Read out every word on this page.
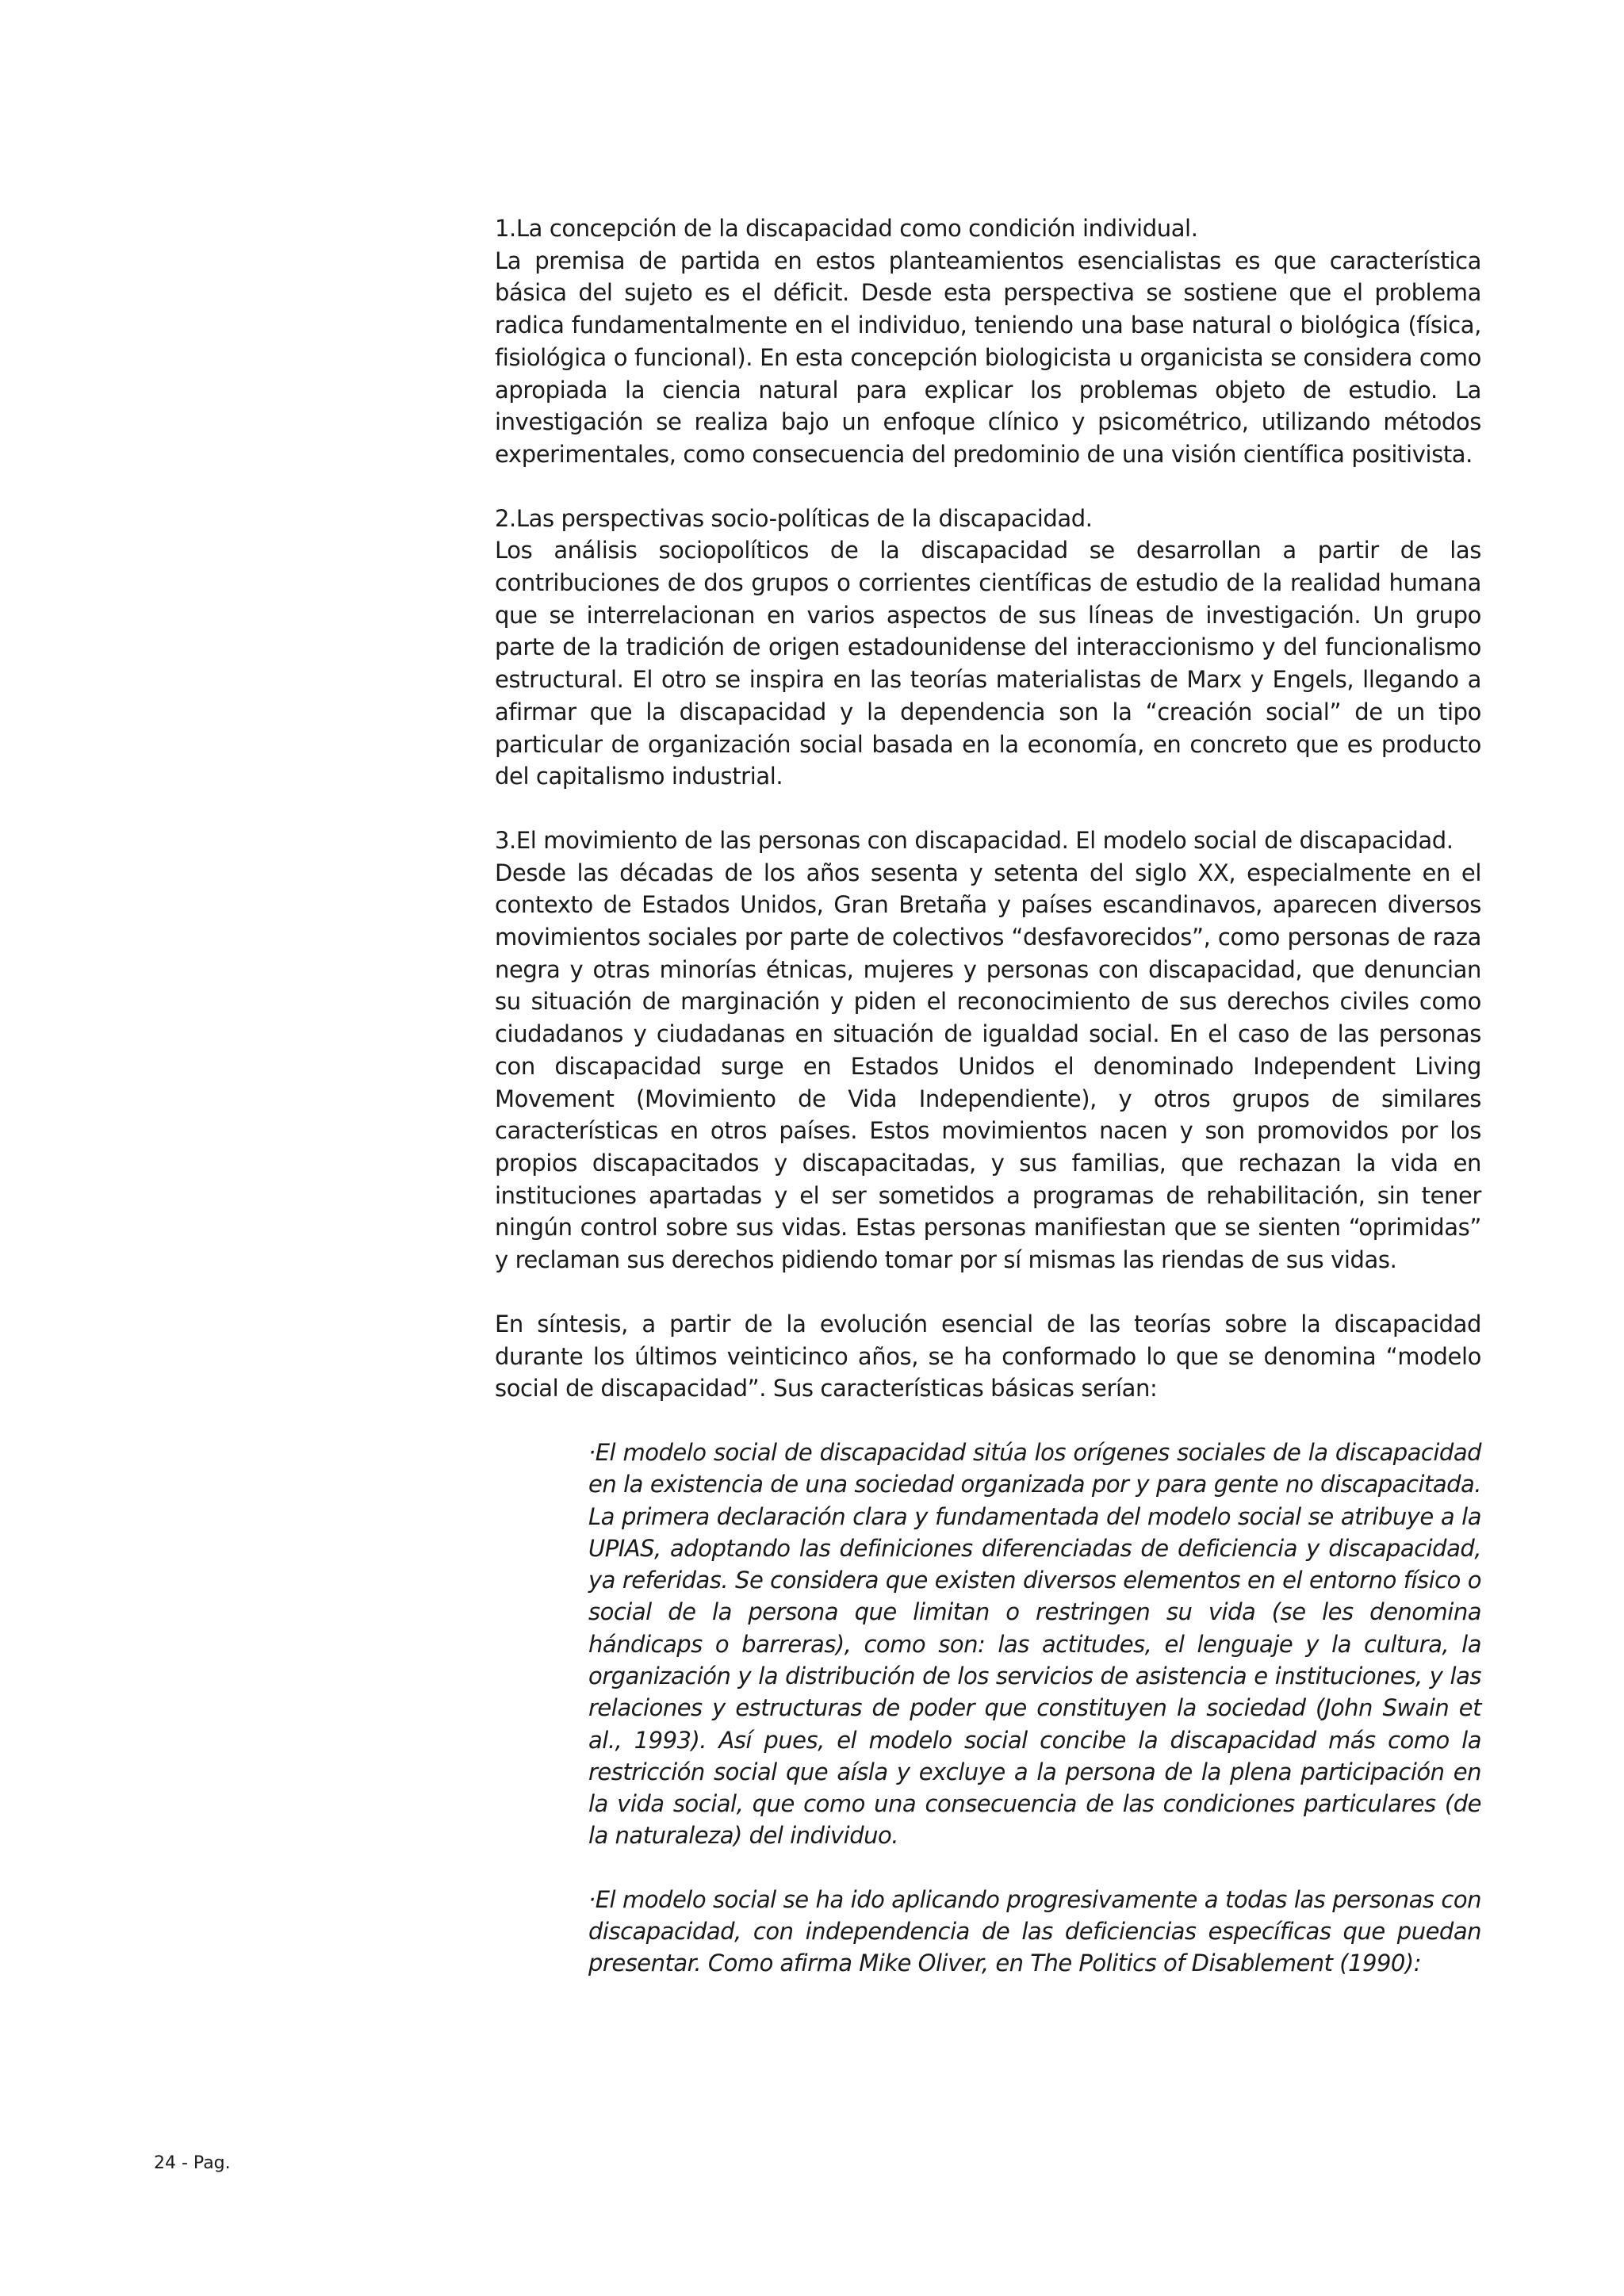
1.La concepción de la discapacidad como condición individual.

La premisa de partida en estos planteamientos esencialistas es que característica básica del sujeto es el déficit. Desde esta perspectiva se sostiene que el problema radica fundamentalmente en el individuo, teniendo una base natural o biológica (física, fisiológica o funcional). En esta concepción biologicista u organicista se considera como apropiada la ciencia natural para explicar los problemas objeto de estudio. La investigación se realiza bajo un enfoque clínico y psicométrico, utilizando métodos experimentales, como consecuencia del predominio de una visión científica positivista.

2.Las perspectivas socio-políticas de la discapacidad.

Los análisis sociopolíticos de la discapacidad se desarrollan a partir de las contribuciones de dos grupos o corrientes científicas de estudio de la realidad humana que se interrelacionan en varios aspectos de sus líneas de investigación. Un grupo parte de la tradición de origen estadounidense del interaccionismo y del funcionalismo estructural. El otro se inspira en las teorías materialistas de Marx y Engels, llegando a afirmar que la discapacidad y la dependencia son la “creación social” de un tipo particular de organización social basada en la economía, en concreto que es producto del capitalismo industrial.

3.El movimiento de las personas con discapacidad. El modelo social de discapacidad.

Desde las décadas de los años sesenta y setenta del siglo XX, especialmente en el contexto de Estados Unidos, Gran Bretaña y países escandinavos, aparecen diversos movimientos sociales por parte de colectivos “desfavorecidos”, como personas de raza negra y otras minorías étnicas, mujeres y personas con discapacidad, que denuncian su situación de marginación y piden el reconocimiento de sus derechos civiles como ciudadanos y ciudadanas en situación de igualdad social. En el caso de las personas con discapacidad surge en Estados Unidos el denominado Independent Living Movement (Movimiento de Vida Independiente), y otros grupos de similares características en otros países. Estos movimientos nacen y son promovidos por los propios discapacitados y discapacitadas, y sus familias, que rechazan la vida en instituciones apartadas y el ser sometidos a programas de rehabilitación, sin tener ningún control sobre sus vidas. Estas personas manifiestan que se sienten “oprimidas” y reclaman sus derechos pidiendo tomar por sí mismas las riendas de sus vidas.

En síntesis, a partir de la evolución esencial de las teorías sobre la discapacidad durante los últimos veinticinco años, se ha conformado lo que se denomina “modelo social de discapacidad”. Sus características básicas serían:

·El modelo social de discapacidad sitúa los orígenes sociales de la discapacidad en la existencia de una sociedad organizada por y para gente no discapacitada. La primera declaración clara y fundamentada del modelo social se atribuye a la UPIAS, adoptando las definiciones diferenciadas de deficiencia y discapacidad, ya referidas. Se considera que existen diversos elementos en el entorno físico o social de la persona que limitan o restringen su vida (se les denomina hándicaps o barreras), como son: las actitudes, el lenguaje y la cultura, la organización y la distribución de los servicios de asistencia e instituciones, y las relaciones y estructuras de poder que constituyen la sociedad (John Swain et al., 1993). Así pues, el modelo social concibe la discapacidad más como la restricción social que aísla y excluye a la persona de la plena participación en la vida social, que como una consecuencia de las condiciones particulares (de la naturaleza) del individuo.

·El modelo social se ha ido aplicando progresivamente a todas las personas con discapacidad, con independencia de las deficiencias específicas que puedan presentar. Como afirma Mike Oliver, en The Politics of Disablement (1990):

24 - Pag.
